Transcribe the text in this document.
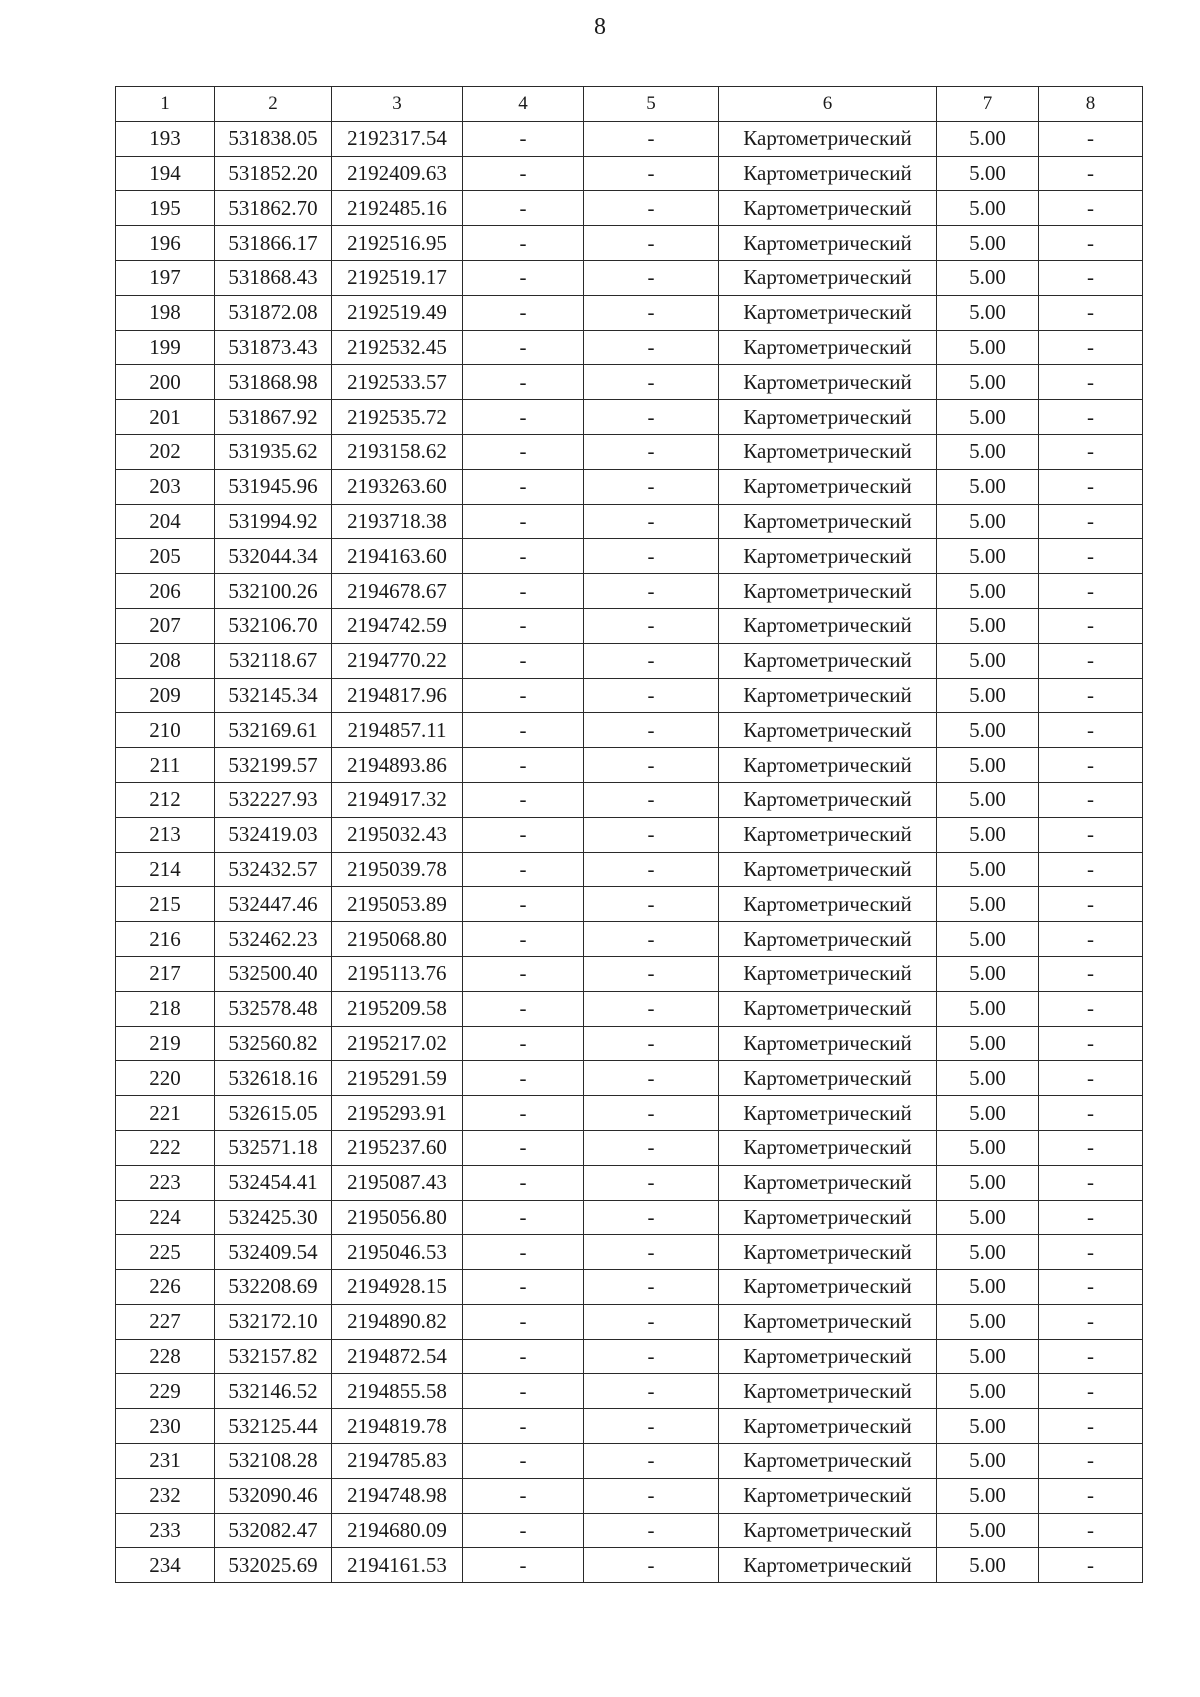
8
1	2	3	4	5	6	7	8
193	531838.05	2192317.54	-	-	Картометрический	5.00	-
194	531852.20	2192409.63	-	-	Картометрический	5.00	-
195	531862.70	2192485.16	-	-	Картометрический	5.00	-
196	531866.17	2192516.95	-	-	Картометрический	5.00	-
197	531868.43	2192519.17	-	-	Картометрический	5.00	-
198	531872.08	2192519.49	-	-	Картометрический	5.00	-
199	531873.43	2192532.45	-	-	Картометрический	5.00	-
200	531868.98	2192533.57	-	-	Картометрический	5.00	-
201	531867.92	2192535.72	-	-	Картометрический	5.00	-
202	531935.62	2193158.62	-	-	Картометрический	5.00	-
203	531945.96	2193263.60	-	-	Картометрический	5.00	-
204	531994.92	2193718.38	-	-	Картометрический	5.00	-
205	532044.34	2194163.60	-	-	Картометрический	5.00	-
206	532100.26	2194678.67	-	-	Картометрический	5.00	-
207	532106.70	2194742.59	-	-	Картометрический	5.00	-
208	532118.67	2194770.22	-	-	Картометрический	5.00	-
209	532145.34	2194817.96	-	-	Картометрический	5.00	-
210	532169.61	2194857.11	-	-	Картометрический	5.00	-
211	532199.57	2194893.86	-	-	Картометрический	5.00	-
212	532227.93	2194917.32	-	-	Картометрический	5.00	-
213	532419.03	2195032.43	-	-	Картометрический	5.00	-
214	532432.57	2195039.78	-	-	Картометрический	5.00	-
215	532447.46	2195053.89	-	-	Картометрический	5.00	-
216	532462.23	2195068.80	-	-	Картометрический	5.00	-
217	532500.40	2195113.76	-	-	Картометрический	5.00	-
218	532578.48	2195209.58	-	-	Картометрический	5.00	-
219	532560.82	2195217.02	-	-	Картометрический	5.00	-
220	532618.16	2195291.59	-	-	Картометрический	5.00	-
221	532615.05	2195293.91	-	-	Картометрический	5.00	-
222	532571.18	2195237.60	-	-	Картометрический	5.00	-
223	532454.41	2195087.43	-	-	Картометрический	5.00	-
224	532425.30	2195056.80	-	-	Картометрический	5.00	-
225	532409.54	2195046.53	-	-	Картометрический	5.00	-
226	532208.69	2194928.15	-	-	Картометрический	5.00	-
227	532172.10	2194890.82	-	-	Картометрический	5.00	-
228	532157.82	2194872.54	-	-	Картометрический	5.00	-
229	532146.52	2194855.58	-	-	Картометрический	5.00	-
230	532125.44	2194819.78	-	-	Картометрический	5.00	-
231	532108.28	2194785.83	-	-	Картометрический	5.00	-
232	532090.46	2194748.98	-	-	Картометрический	5.00	-
233	532082.47	2194680.09	-	-	Картометрический	5.00	-
234	532025.69	2194161.53	-	-	Картометрический	5.00	-
